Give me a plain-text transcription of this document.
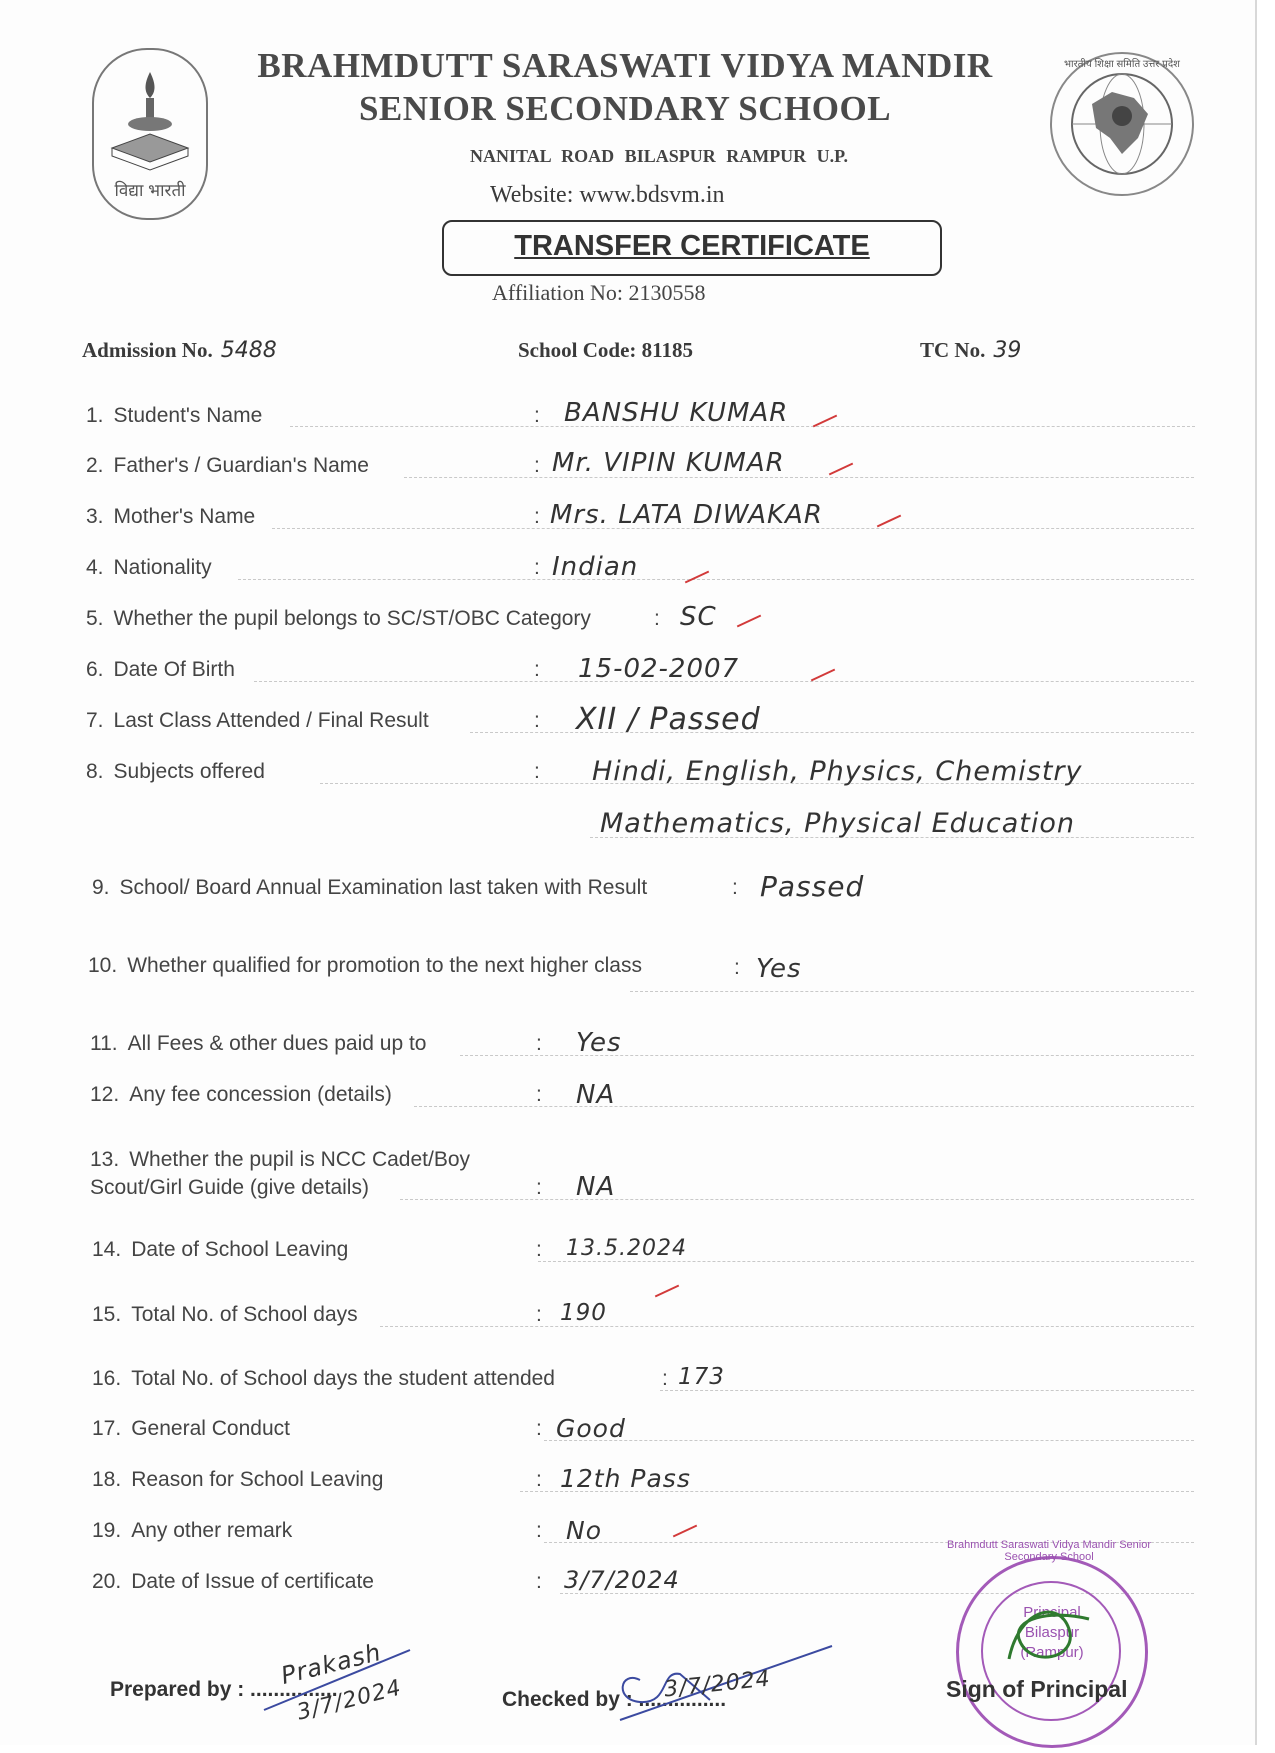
विद्या भारती
भारतीय शिक्षा समिति उत्तर प्रदेश
BRAHMDUTT SARASWATI VIDYA MANDIR
SENIOR SECONDARY SCHOOL
NANITAL ROAD BILASPUR RAMPUR U.P.
Website: www.bdsvm.in
TRANSFER CERTIFICATE
Affiliation No: 2130558
Admission No. 5488	School Code: 81185	TC No. 39
1. Student's Name	: BANSHU KUMAR
2. Father's / Guardian's Name	: Mr. VIPIN KUMAR
3. Mother's Name	: Mrs. LATA DIWAKAR
4. Nationality	: Indian
5. Whether the pupil belongs to SC/ST/OBC Category	: SC
6. Date Of Birth	: 15-02-2007
7. Last Class Attended / Final Result	: XII / Passed
8. Subjects offered	: Hindi, English, Physics, Chemistry
Mathematics, Physical Education
9. School/ Board Annual Examination last taken with Result	: Passed
10. Whether qualified for promotion to the next higher class	: Yes
11. All Fees & other dues paid up to	: Yes
12. Any fee concession (details)	: NA
13. Whether the pupil is NCC Cadet/Boy
Scout/Girl Guide (give details)	: NA
14. Date of School Leaving	: 13.5.2024
15. Total No. of School days	: 190
16. Total No. of School days the student attended	: 173
17. General Conduct	: Good
18. Reason for School Leaving	: 12th Pass
19. Any other remark	: No
20. Date of Issue of certificate	: 3/7/2024
Prepared by : ...............
Prakash
3/7/2024	Checked by : ...............
3/7/2024
Principal
Bilaspur
(Rampur)
Brahmdutt Saraswati Vidya Mandir Senior Secondary School
Sign of Principal
